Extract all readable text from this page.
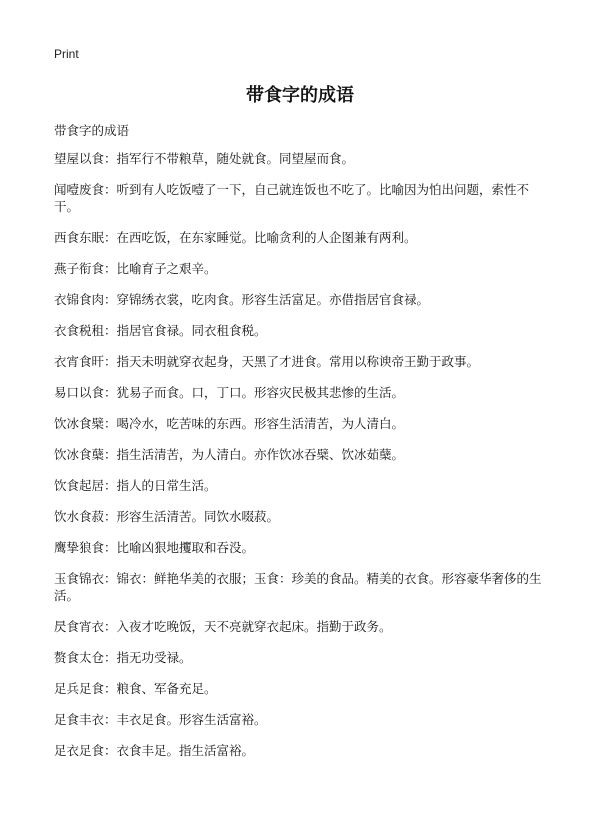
Print
带食字的成语
带食字的成语
望屋以食：指军行不带粮草，随处就食。同望屋而食。
闻噎废食：听到有人吃饭噎了一下，自己就连饭也不吃了。比喻因为怕出问题，索性不干。
西食东眠：在西吃饭，在东家睡觉。比喻贪利的人企图兼有两利。
燕子衔食：比喻育子之艰辛。
衣锦食肉：穿锦绣衣裳，吃肉食。形容生活富足。亦借指居官食禄。
衣食税租：指居官食禄。同衣租食税。
衣宵食旰：指天未明就穿衣起身，天黑了才进食。常用以称谀帝王勤于政事。
易口以食：犹易子而食。口，丁口。形容灾民极其悲惨的生活。
饮冰食檗：喝冷水，吃苦味的东西。形容生活清苦，为人清白。
饮冰食蘖：指生活清苦，为人清白。亦作饮冰吞檗、饮冰茹蘖。
饮食起居：指人的日常生活。
饮水食菽：形容生活清苦。同饮水啜菽。
鹰挚狼食：比喻凶狠地攫取和吞没。
玉食锦衣：锦衣：鲜艳华美的衣服；玉食：珍美的食品。精美的衣食。形容豪华奢侈的生活。
昃食宵衣：入夜才吃晚饭，天不亮就穿衣起床。指勤于政务。
赘食太仓：指无功受禄。
足兵足食：粮食、军备充足。
足食丰衣：丰衣足食。形容生活富裕。
足衣足食：衣食丰足。指生活富裕。
